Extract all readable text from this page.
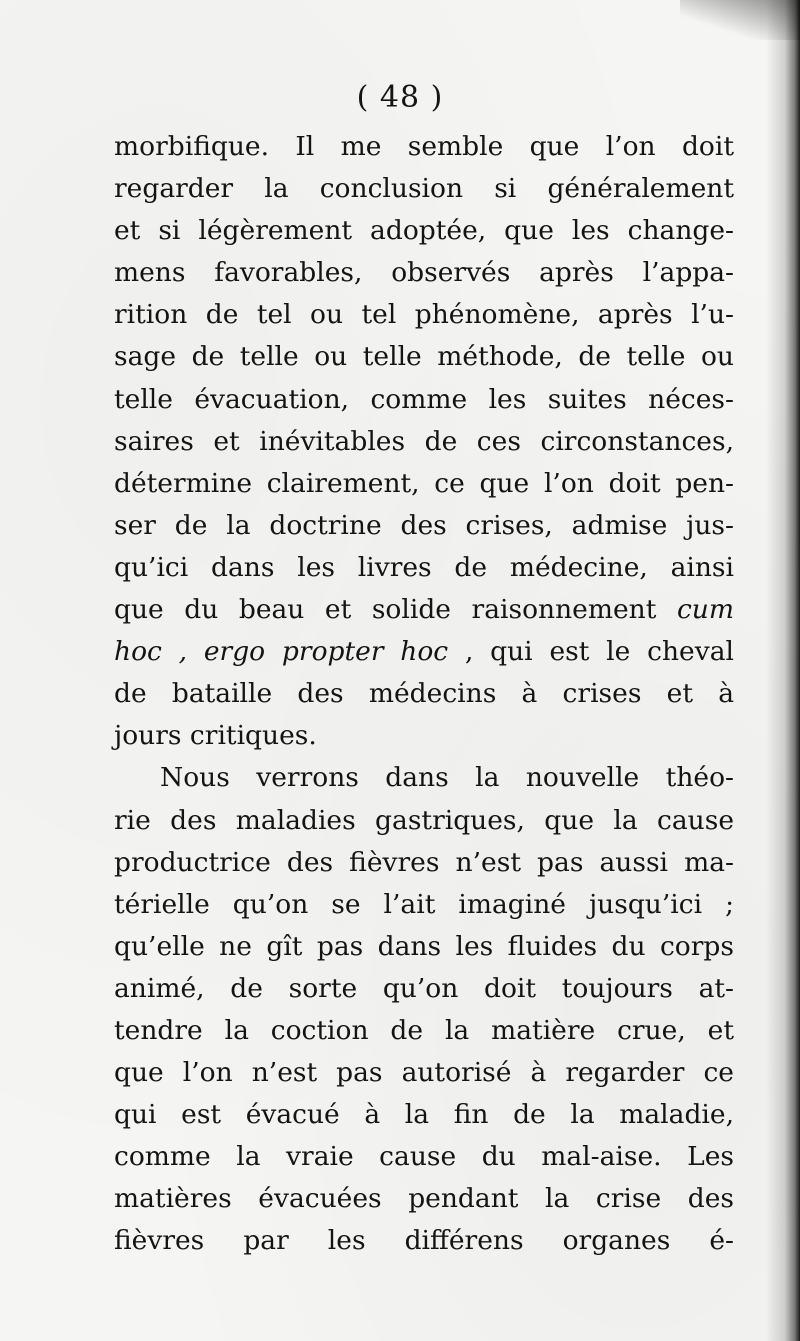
( 48 )
morbifique. Il me semble que l’on doit
regarder la conclusion si généralement
et si légèrement adoptée, que les change-
mens favorables, observés après l’appa-
rition de tel ou tel phénomène, après l’u-
sage de telle ou telle méthode, de telle ou
telle évacuation, comme les suites néces-
saires et inévitables de ces circonstances,
détermine clairement, ce que l’on doit pen-
ser de la doctrine des crises, admise jus-
qu’ici dans les livres de médecine, ainsi
que du beau et solide raisonnement cum
hoc , ergo propter hoc , qui est le cheval
de bataille des médecins à crises et à
jours critiques.
Nous verrons dans la nouvelle théo-
rie des maladies gastriques, que la cause
productrice des fièvres n’est pas aussi ma-
térielle qu’on se l’ait imaginé jusqu’ici ;
qu’elle ne gît pas dans les fluides du corps
animé, de sorte qu’on doit toujours at-
tendre la coction de la matière crue, et
que l’on n’est pas autorisé à regarder ce
qui est évacué à la fin de la maladie,
comme la vraie cause du mal-aise. Les
matières évacuées pendant la crise des
fièvres par les différens organes é-
